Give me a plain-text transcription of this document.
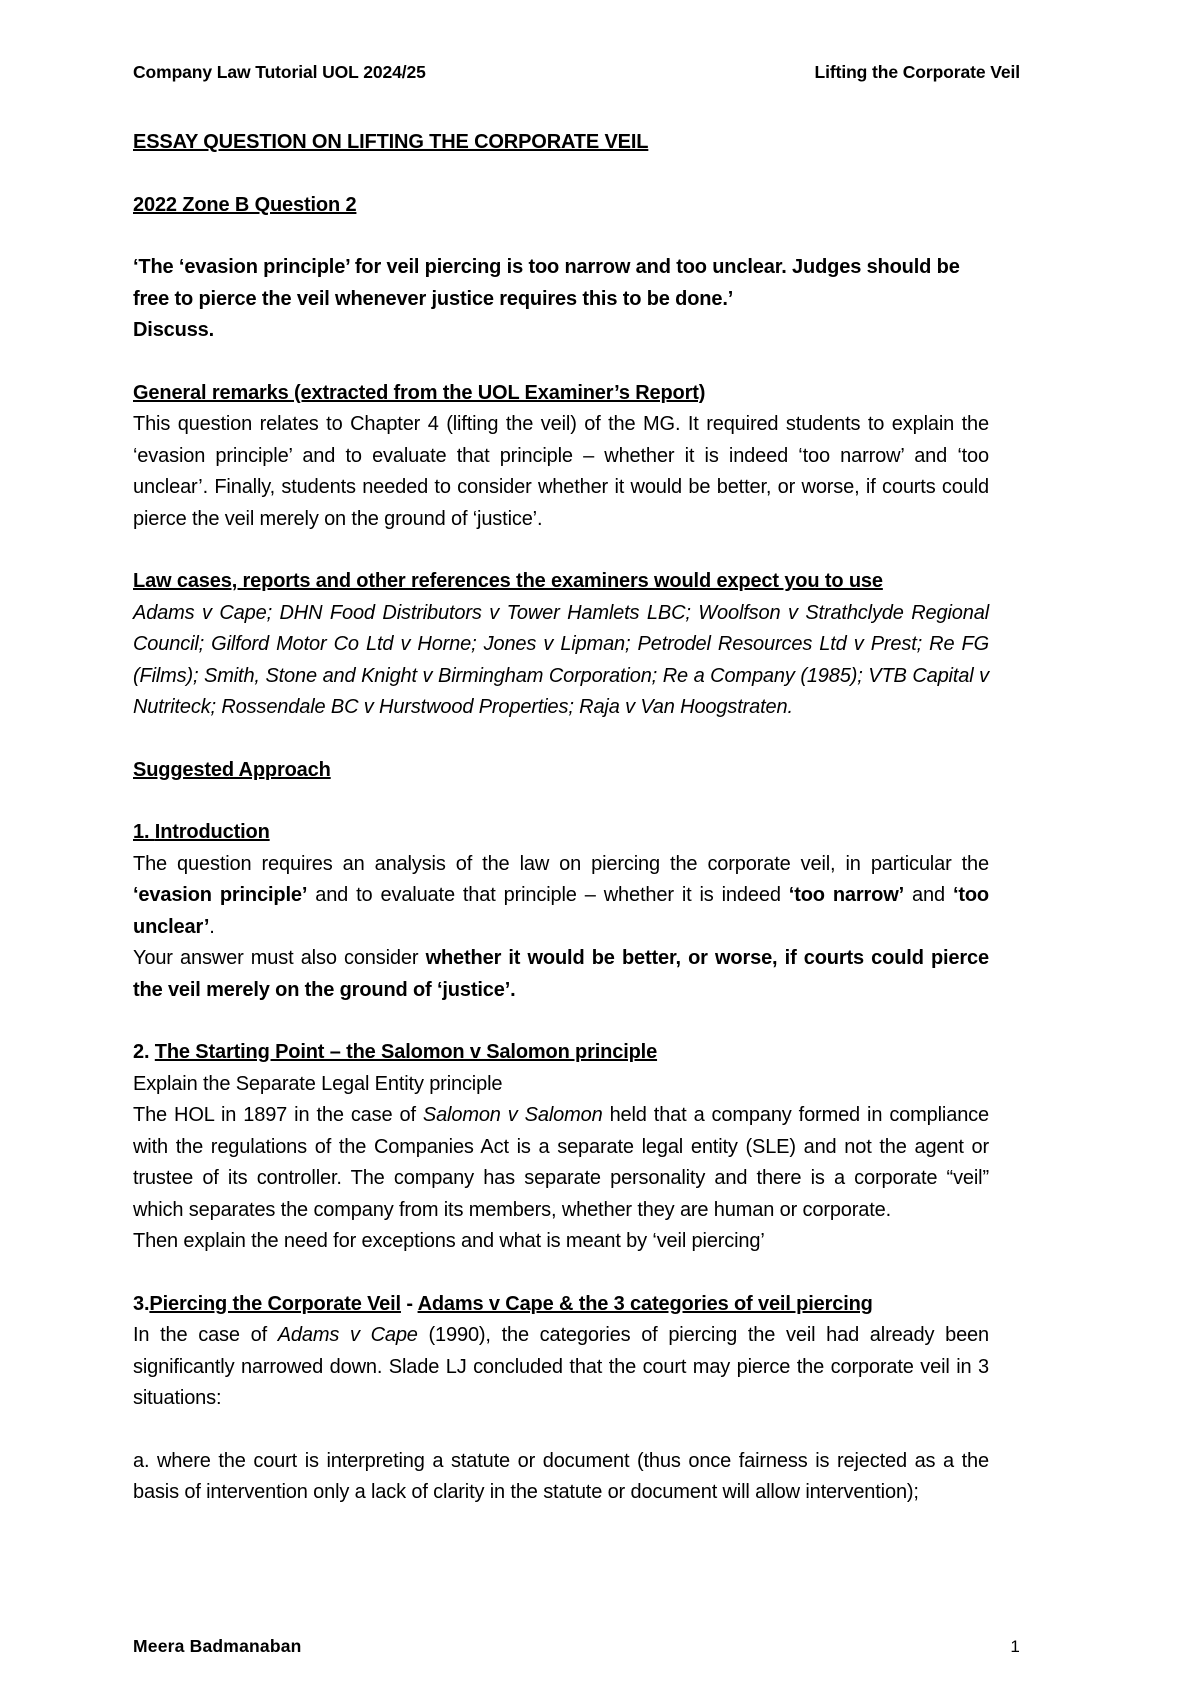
Company Law Tutorial UOL 2024/25	Lifting the Corporate Veil

ESSAY QUESTION ON LIFTING THE CORPORATE VEIL

2022 Zone B Question 2

‘The ‘evasion principle’ for veil piercing is too narrow and too unclear. Judges should be

free to pierce the veil whenever justice requires this to be done.’

Discuss.

General remarks (extracted from the UOL Examiner’s Report)

This question relates to Chapter 4 (lifting the veil) of the MG. It required students to explain the ‘evasion principle’ and to evaluate that principle – whether it is indeed ‘too narrow’ and ‘too unclear’. Finally, students needed to consider whether it would be better, or worse, if courts could pierce the veil merely on the ground of ‘justice’.

Law cases, reports and other references the examiners would expect you to use

Adams v Cape; DHN Food Distributors v Tower Hamlets LBC; Woolfson v Strathclyde Regional Council; Gilford Motor Co Ltd v Horne; Jones v Lipman; Petrodel Resources Ltd v Prest; Re FG (Films); Smith, Stone and Knight v Birmingham Corporation; Re a Company (1985); VTB Capital v Nutriteck; Rossendale BC v Hurstwood Properties; Raja v Van Hoogstraten.

Suggested Approach

1. Introduction

The question requires an analysis of the law on piercing the corporate veil, in particular the ‘evasion principle’ and to evaluate that principle – whether it is indeed ‘too narrow’ and ‘too unclear’.

Your answer must also consider whether it would be better, or worse, if courts could pierce the veil merely on the ground of ‘justice’.

2. The Starting Point – the Salomon v Salomon principle

Explain the Separate Legal Entity principle

The HOL in 1897 in the case of Salomon v Salomon held that a company formed in compliance with the regulations of the Companies Act is a separate legal entity (SLE) and not the agent or trustee of its controller. The company has separate personality and there is a corporate “veil” which separates the company from its members, whether they are human or corporate.

Then explain the need for exceptions and what is meant by ‘veil piercing’

3.Piercing the Corporate Veil - Adams v Cape & the 3 categories of veil piercing

In the case of Adams v Cape (1990), the categories of piercing the veil had already been significantly narrowed down. Slade LJ concluded that the court may pierce the corporate veil in 3 situations:

a. where the court is interpreting a statute or document (thus once fairness is rejected as a the basis of intervention only a lack of clarity in the statute or document will allow intervention);

Meera Badmanaban	1
